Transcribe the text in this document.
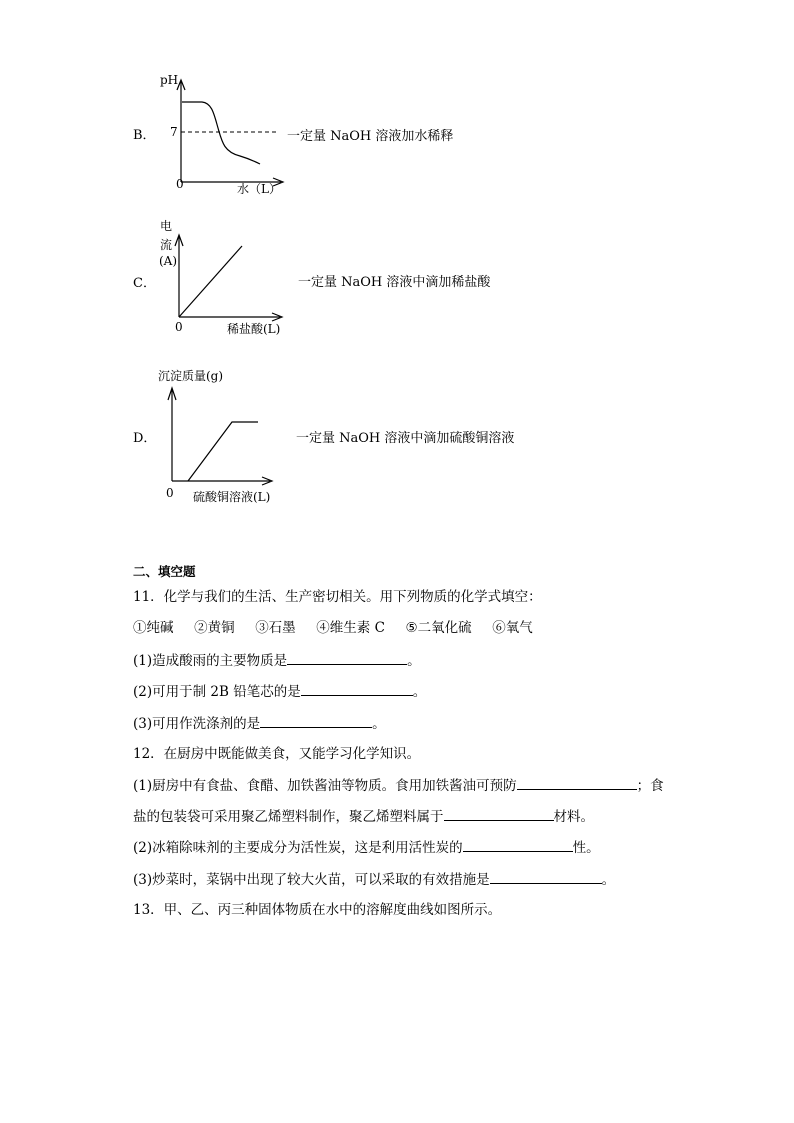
B．
pH
7
0	水（L）
一定量 NaOH 溶液加水稀释
C．
电
流
(A)
0	稀盐酸(L)
一定量 NaOH 溶液中滴加稀盐酸
D．
沉淀质量(g)
0 硫酸铜溶液(L)
一定量 NaOH 溶液中滴加硫酸铜溶液
二、填空题
11．化学与我们的生活、生产密切相关。用下列物质的化学式填空：
①纯碱 ②黄铜 ③石墨 ④维生素 C ⑤二氧化硫 ⑥氧气
(1)造成酸雨的主要物质是	。
(2)可用于制 2B 铅笔芯的是	。
(3)可用作洗涤剂的是	。
12．在厨房中既能做美食，又能学习化学知识。
(1)厨房中有食盐、食醋、加铁酱油等物质。食用加铁酱油可预防	；食
盐的包装袋可采用聚乙烯塑料制作，聚乙烯塑料属于	材料。
(2)冰箱除味剂的主要成分为活性炭，这是利用活性炭的	性。
(3)炒菜时，菜锅中出现了较大火苗，可以采取的有效措施是	。
13．甲、乙、丙三种固体物质在水中的溶解度曲线如图所示。
